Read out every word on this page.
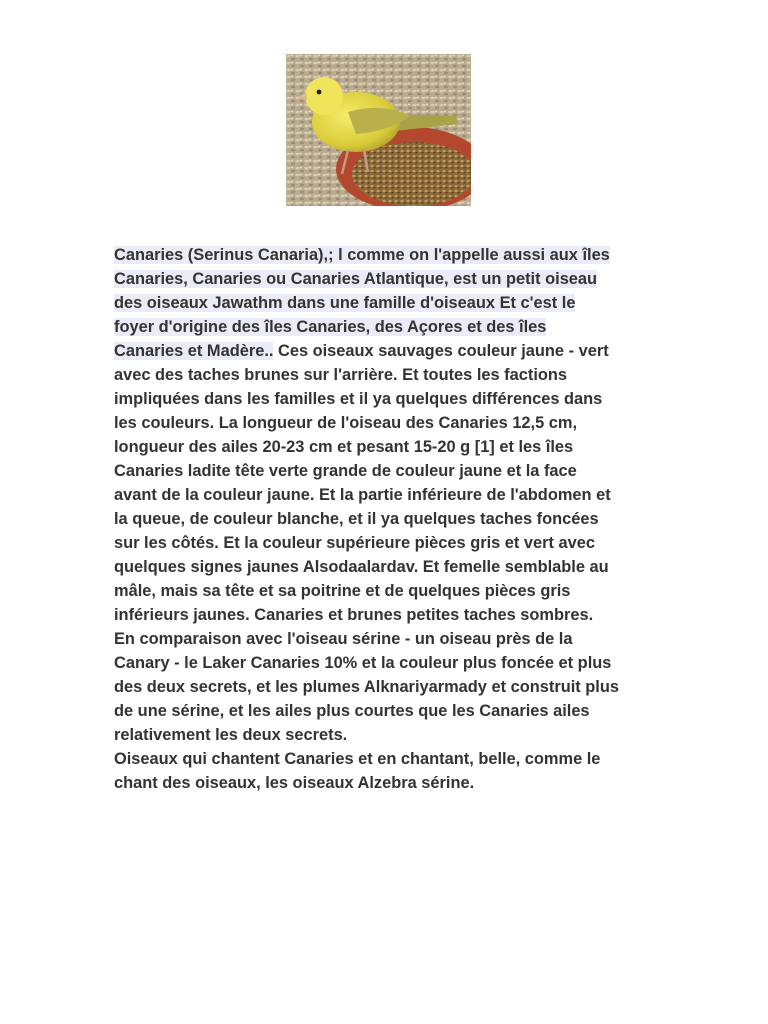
Canaries (Serinus Canaria),; l comme on l'appelle aussi aux îles
Canaries, Canaries ou Canaries Atlantique, est un petit oiseau
des oiseaux Jawathm dans une famille d'oiseaux Et c'est le
foyer d'origine des îles Canaries, des Açores et des îles
Canaries et Madère.. Ces oiseaux sauvages couleur jaune - vert
avec des taches brunes sur l'arrière. Et toutes les factions
impliquées dans les familles et il ya quelques différences dans
les couleurs. La longueur de l'oiseau des Canaries 12,5 cm,
longueur des ailes 20-23 cm et pesant 15-20 g [1] et les îles
Canaries ladite tête verte grande de couleur jaune et la face
avant de la couleur jaune. Et la partie inférieure de l'abdomen et
la queue, de couleur blanche, et il ya quelques taches foncées
sur les côtés. Et la couleur supérieure pièces gris et vert avec
quelques signes jaunes Alsodaalardav. Et femelle semblable au
mâle, mais sa tête et sa poitrine et de quelques pièces gris
inférieurs jaunes. Canaries et brunes petites taches sombres.
En comparaison avec l'oiseau sérine - un oiseau près de la
Canary - le Laker Canaries 10% et la couleur plus foncée et plus
des deux secrets, et les plumes Alknariyarmady et construit plus
de une sérine, et les ailes plus courtes que les Canaries ailes
relativement les deux secrets.
Oiseaux qui chantent Canaries et en chantant, belle, comme le
chant des oiseaux, les oiseaux Alzebra sérine.
